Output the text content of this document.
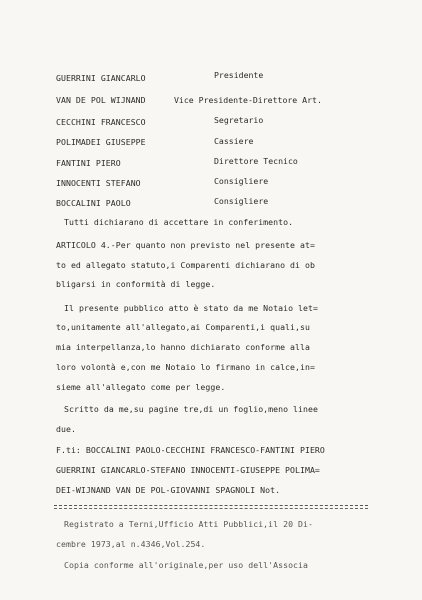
GUERRINI GIANCARLO	Presidente
VAN DE POL WIJNAND	Vice Presidente-Direttore Art.
CECCHINI FRANCESCO	Segretario
POLIMADEI GIUSEPPE	Cassiere
FANTINI PIERO	Direttore Tecnico
INNOCENTI STEFANO	Consigliere
BOCCALINI PAOLO	Consigliere
Tutti dichiarano di accettare in conferimento.
ARTICOLO 4.-Per quanto non previsto nel presente at=
to ed allegato statuto,i Comparenti dichiarano di ob
bligarsi in conformità di legge.
Il presente pubblico atto è stato da me Notaio let=
to,unitamente all'allegato,ai Comparenti,i quali,su
mia interpellanza,lo hanno dichiarato conforme alla
loro volontà e,con me Notaio lo firmano in calce,in=
sieme all'allegato come per legge.
Scritto da me,su pagine tre,di un foglio,meno linee
due.
F.ti: BOCCALINI PAOLO-CECCHINI FRANCESCO-FANTINI PIERO
GUERRINI GIANCARLO-STEFANO INNOCENTI-GIUSEPPE POLIMA=
DEI-WIJNAND VAN DE POL-GIOVANNI SPAGNOLI Not.
Registrato a Terni,Ufficio Atti Pubblici,il 20 Di-
cembre 1973,al n.4346,Vol.254.
Copia conforme all'originale,per uso dell'Associa
